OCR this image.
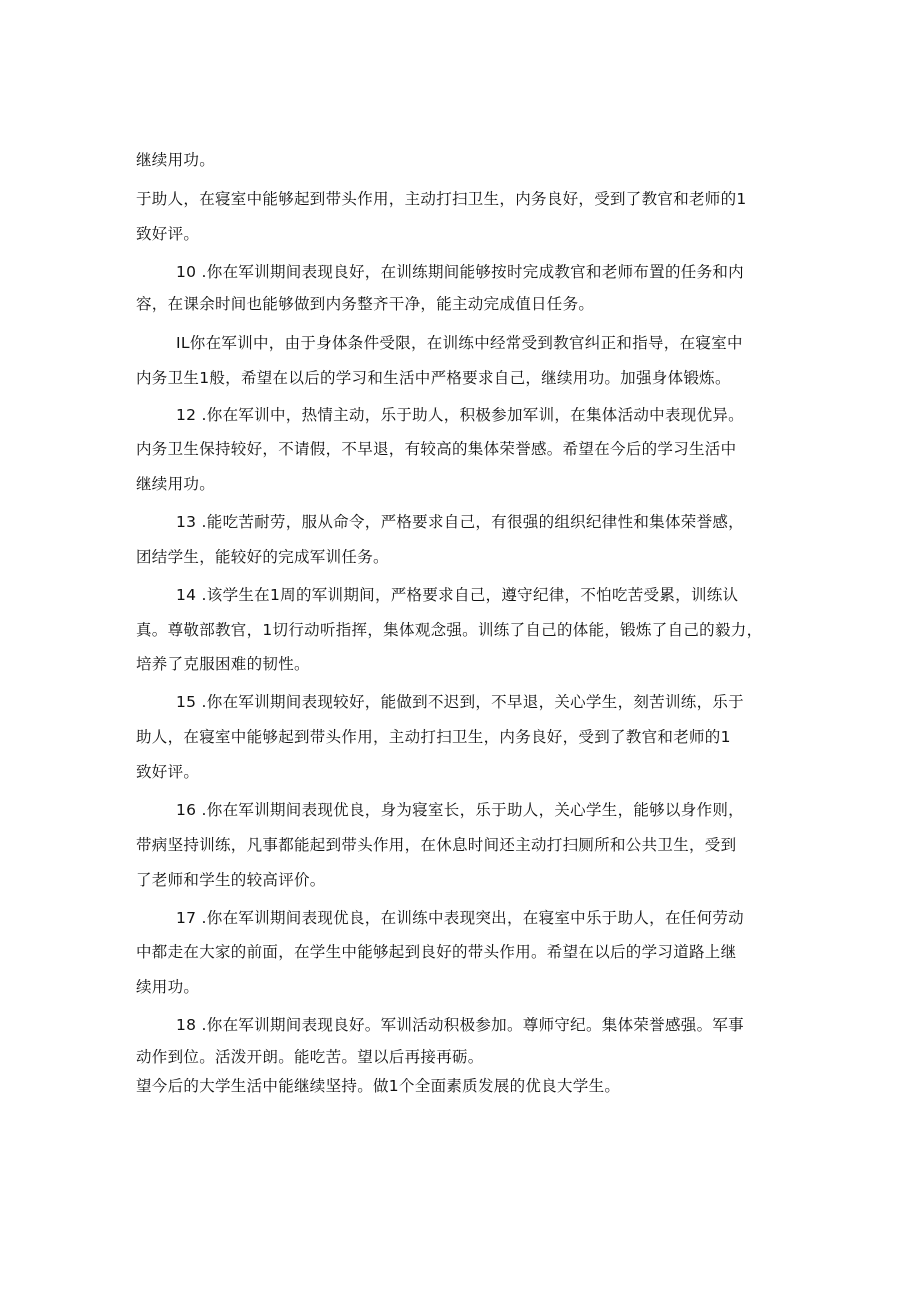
继续用功。
于助人，在寝室中能够起到带头作用，主动打扫卫生，内务良好，受到了教官和老师的1
致好评。
10 .你在军训期间表现良好，在训练期间能够按时完成教官和老师布置的任务和内
容，在课余时间也能够做到内务整齐干净，能主动完成值日任务。
IL你在军训中，由于身体条件受限，在训练中经常受到教官纠正和指导，在寝室中
内务卫生1般，希望在以后的学习和生活中严格要求自己，继续用功。加强身体锻炼。
12 .你在军训中，热情主动，乐于助人，积极参加军训，在集体活动中表现优异。
内务卫生保持较好，不请假，不早退，有较高的集体荣誉感。希望在今后的学习生活中
继续用功。
13 .能吃苦耐劳，服从命令，严格要求自己，有很强的组织纪律性和集体荣誉感，
团结学生，能较好的完成军训任务。
14 .该学生在1周的军训期间，严格要求自己，遵守纪律，不怕吃苦受累，训练认
真。尊敬部教官，1切行动听指挥，集体观念强。训练了自己的体能，锻炼了自己的毅力，
培养了克服困难的韧性。
15 .你在军训期间表现较好，能做到不迟到，不早退，关心学生，刻苦训练，乐于
助人，在寝室中能够起到带头作用，主动打扫卫生，内务良好，受到了教官和老师的1
致好评。
16 .你在军训期间表现优良，身为寝室长，乐于助人，关心学生，能够以身作则，
带病坚持训练，凡事都能起到带头作用，在休息时间还主动打扫厕所和公共卫生，受到
了老师和学生的较高评价。
17 .你在军训期间表现优良，在训练中表现突出，在寝室中乐于助人，在任何劳动
中都走在大家的前面，在学生中能够起到良好的带头作用。希望在以后的学习道路上继
续用功。
18 .你在军训期间表现良好。军训活动积极参加。尊师守纪。集体荣誉感强。军事
动作到位。活泼开朗。能吃苦。望以后再接再砺。
望今后的大学生活中能继续坚持。做1个全面素质发展的优良大学生。
